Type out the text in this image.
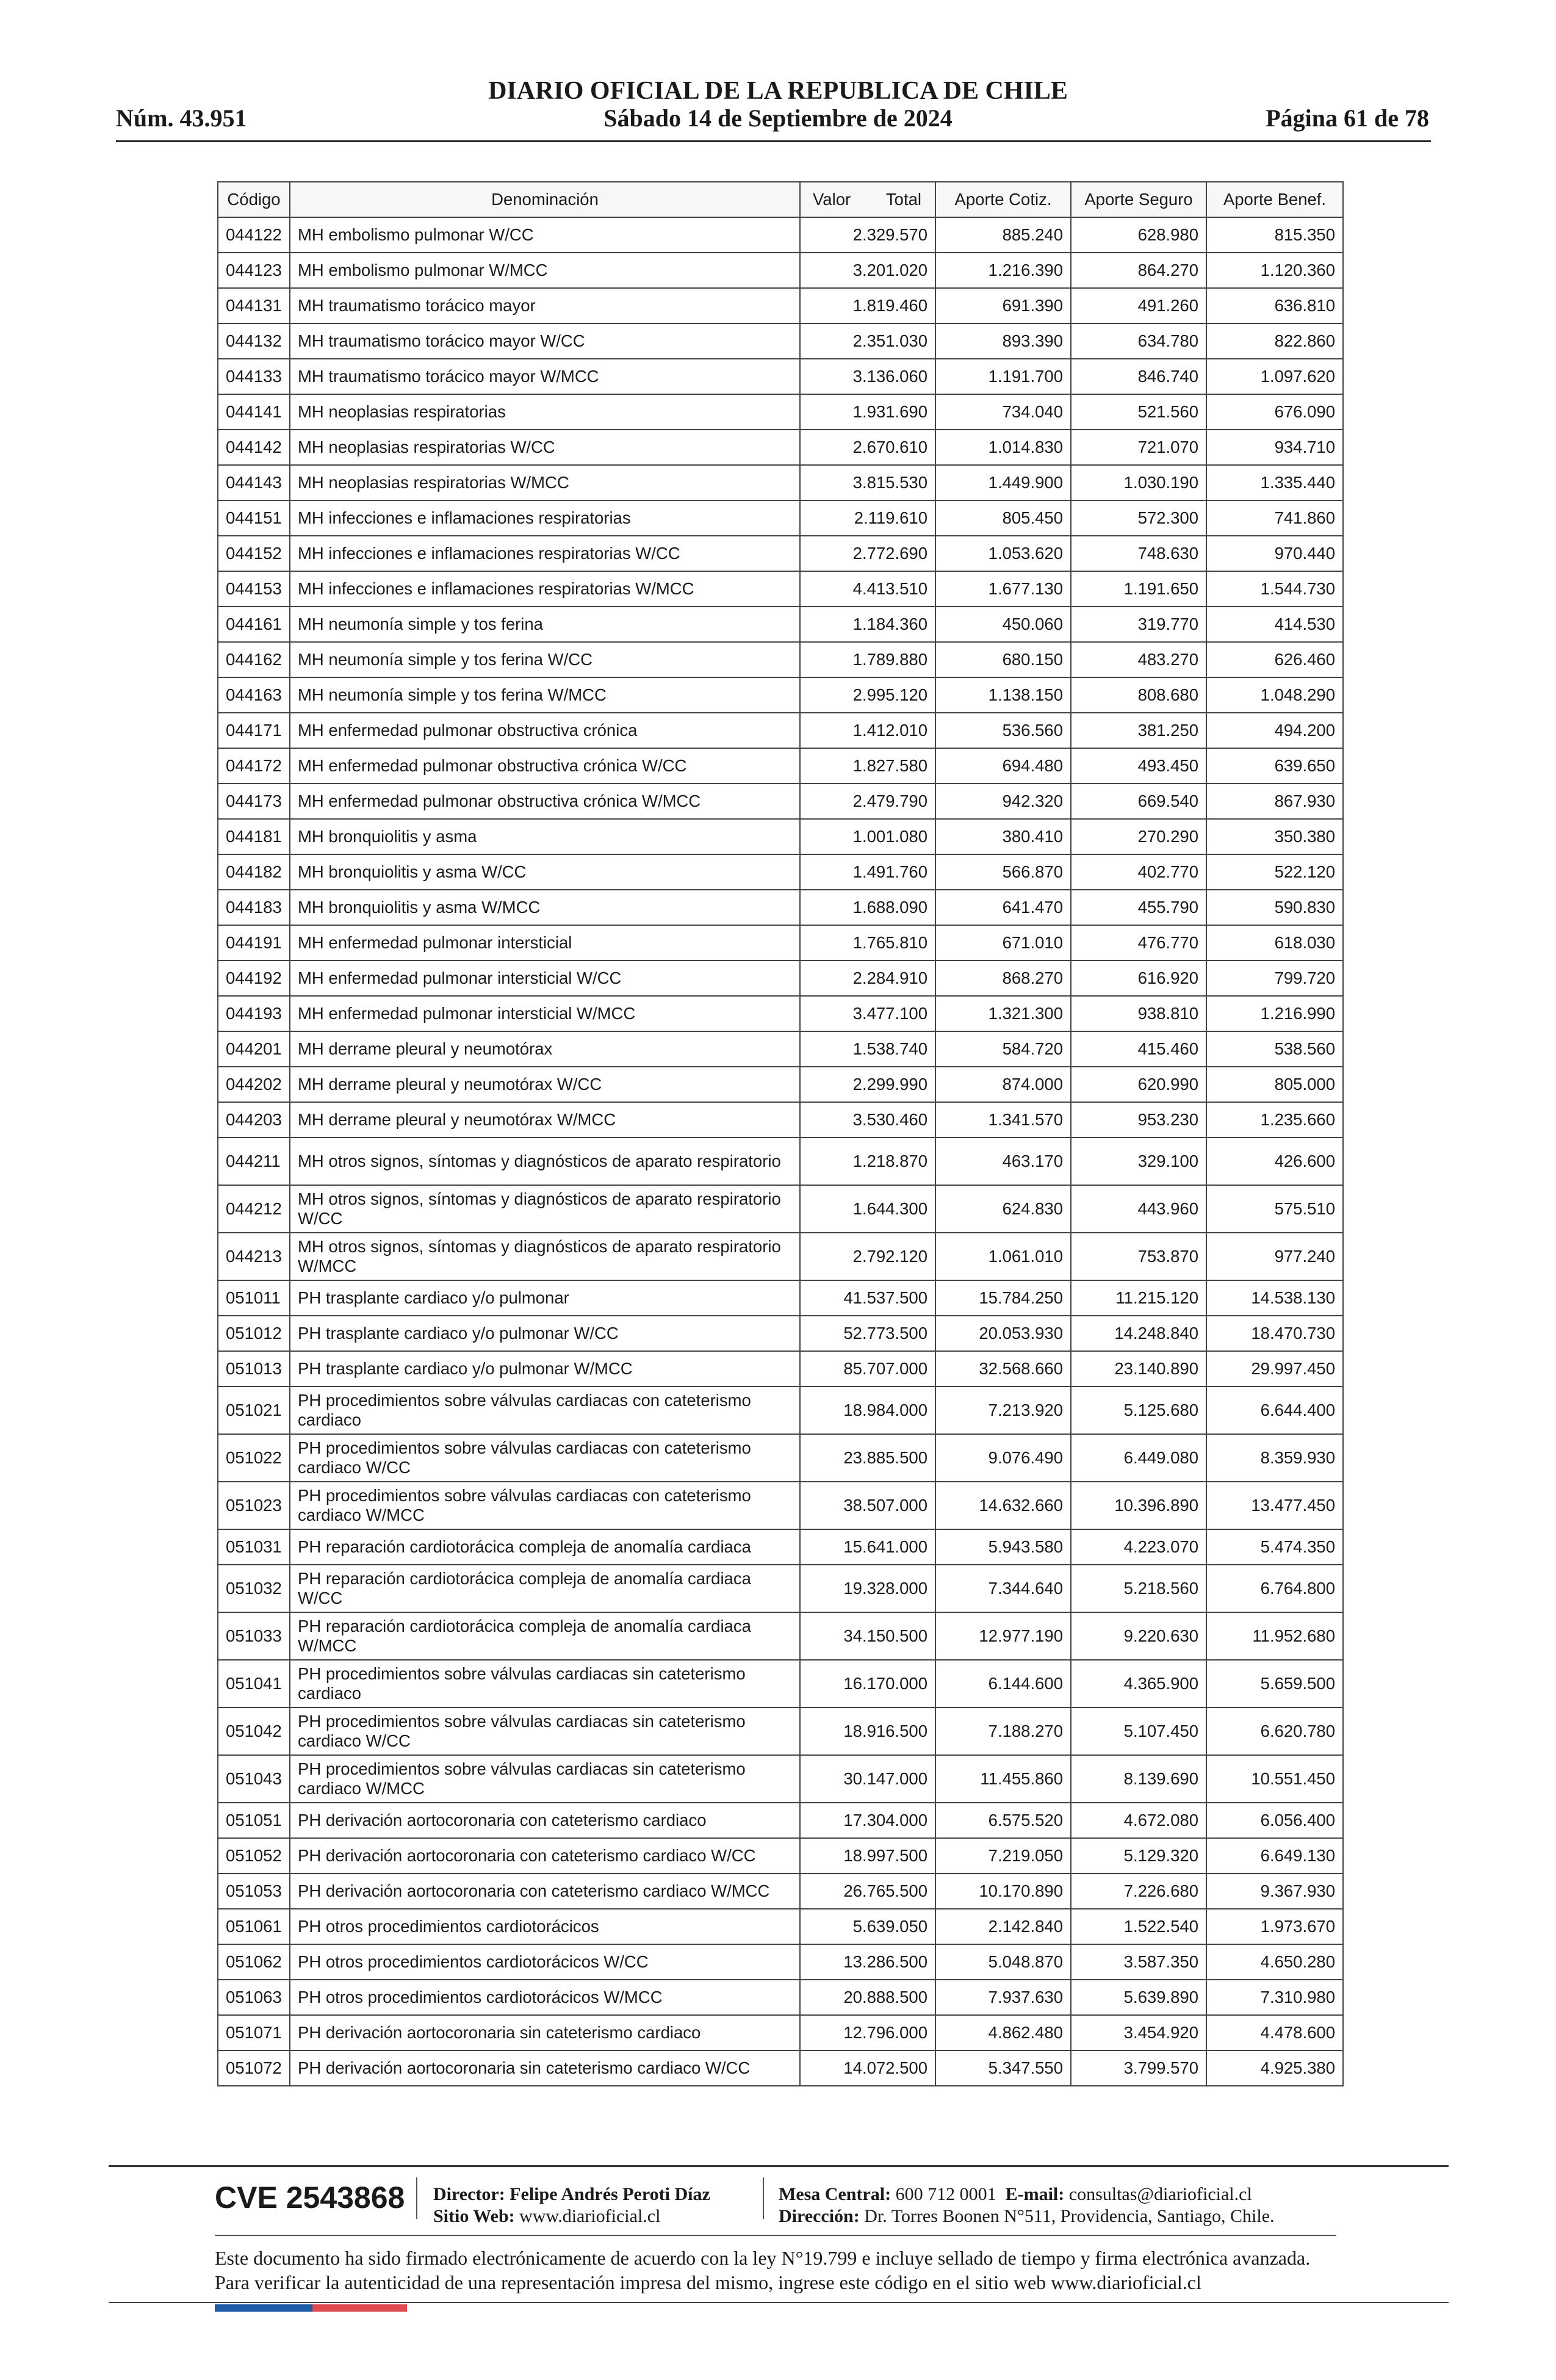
DIARIO OFICIAL DE LA REPUBLICA DE CHILE
Núm. 43.951	Sábado 14 de Septiembre de 2024	Página 61 de 78
Código	Denominación	Valor Total	Aporte Cotiz.	Aporte Seguro	Aporte Benef.
044122	MH embolismo pulmonar W/CC	2.329.570	885.240	628.980	815.350
044123	MH embolismo pulmonar W/MCC	3.201.020	1.216.390	864.270	1.120.360
044131	MH traumatismo torácico mayor	1.819.460	691.390	491.260	636.810
044132	MH traumatismo torácico mayor W/CC	2.351.030	893.390	634.780	822.860
044133	MH traumatismo torácico mayor W/MCC	3.136.060	1.191.700	846.740	1.097.620
044141	MH neoplasias respiratorias	1.931.690	734.040	521.560	676.090
044142	MH neoplasias respiratorias W/CC	2.670.610	1.014.830	721.070	934.710
044143	MH neoplasias respiratorias W/MCC	3.815.530	1.449.900	1.030.190	1.335.440
044151	MH infecciones e inflamaciones respiratorias	2.119.610	805.450	572.300	741.860
044152	MH infecciones e inflamaciones respiratorias W/CC	2.772.690	1.053.620	748.630	970.440
044153	MH infecciones e inflamaciones respiratorias W/MCC	4.413.510	1.677.130	1.191.650	1.544.730
044161	MH neumonía simple y tos ferina	1.184.360	450.060	319.770	414.530
044162	MH neumonía simple y tos ferina W/CC	1.789.880	680.150	483.270	626.460
044163	MH neumonía simple y tos ferina W/MCC	2.995.120	1.138.150	808.680	1.048.290
044171	MH enfermedad pulmonar obstructiva crónica	1.412.010	536.560	381.250	494.200
044172	MH enfermedad pulmonar obstructiva crónica W/CC	1.827.580	694.480	493.450	639.650
044173	MH enfermedad pulmonar obstructiva crónica W/MCC	2.479.790	942.320	669.540	867.930
044181	MH bronquiolitis y asma	1.001.080	380.410	270.290	350.380
044182	MH bronquiolitis y asma W/CC	1.491.760	566.870	402.770	522.120
044183	MH bronquiolitis y asma W/MCC	1.688.090	641.470	455.790	590.830
044191	MH enfermedad pulmonar intersticial	1.765.810	671.010	476.770	618.030
044192	MH enfermedad pulmonar intersticial W/CC	2.284.910	868.270	616.920	799.720
044193	MH enfermedad pulmonar intersticial W/MCC	3.477.100	1.321.300	938.810	1.216.990
044201	MH derrame pleural y neumotórax	1.538.740	584.720	415.460	538.560
044202	MH derrame pleural y neumotórax W/CC	2.299.990	874.000	620.990	805.000
044203	MH derrame pleural y neumotórax W/MCC	3.530.460	1.341.570	953.230	1.235.660
044211	MH otros signos, síntomas y diagnósticos de aparato respiratorio	1.218.870	463.170	329.100	426.600
044212	MH otros signos, síntomas y diagnósticos de aparato respiratorio W/CC	1.644.300	624.830	443.960	575.510
044213	MH otros signos, síntomas y diagnósticos de aparato respiratorio W/MCC	2.792.120	1.061.010	753.870	977.240
051011	PH trasplante cardiaco y/o pulmonar	41.537.500	15.784.250	11.215.120	14.538.130
051012	PH trasplante cardiaco y/o pulmonar W/CC	52.773.500	20.053.930	14.248.840	18.470.730
051013	PH trasplante cardiaco y/o pulmonar W/MCC	85.707.000	32.568.660	23.140.890	29.997.450
051021	PH procedimientos sobre válvulas cardiacas con cateterismo cardiaco	18.984.000	7.213.920	5.125.680	6.644.400
051022	PH procedimientos sobre válvulas cardiacas con cateterismo cardiaco W/CC	23.885.500	9.076.490	6.449.080	8.359.930
051023	PH procedimientos sobre válvulas cardiacas con cateterismo cardiaco W/MCC	38.507.000	14.632.660	10.396.890	13.477.450
051031	PH reparación cardiotorácica compleja de anomalía cardiaca	15.641.000	5.943.580	4.223.070	5.474.350
051032	PH reparación cardiotorácica compleja de anomalía cardiaca W/CC	19.328.000	7.344.640	5.218.560	6.764.800
051033	PH reparación cardiotorácica compleja de anomalía cardiaca W/MCC	34.150.500	12.977.190	9.220.630	11.952.680
051041	PH procedimientos sobre válvulas cardiacas sin cateterismo cardiaco	16.170.000	6.144.600	4.365.900	5.659.500
051042	PH procedimientos sobre válvulas cardiacas sin cateterismo cardiaco W/CC	18.916.500	7.188.270	5.107.450	6.620.780
051043	PH procedimientos sobre válvulas cardiacas sin cateterismo cardiaco W/MCC	30.147.000	11.455.860	8.139.690	10.551.450
051051	PH derivación aortocoronaria con cateterismo cardiaco	17.304.000	6.575.520	4.672.080	6.056.400
051052	PH derivación aortocoronaria con cateterismo cardiaco W/CC	18.997.500	7.219.050	5.129.320	6.649.130
051053	PH derivación aortocoronaria con cateterismo cardiaco W/MCC	26.765.500	10.170.890	7.226.680	9.367.930
051061	PH otros procedimientos cardiotorácicos	5.639.050	2.142.840	1.522.540	1.973.670
051062	PH otros procedimientos cardiotorácicos W/CC	13.286.500	5.048.870	3.587.350	4.650.280
051063	PH otros procedimientos cardiotorácicos W/MCC	20.888.500	7.937.630	5.639.890	7.310.980
051071	PH derivación aortocoronaria sin cateterismo cardiaco	12.796.000	4.862.480	3.454.920	4.478.600
051072	PH derivación aortocoronaria sin cateterismo cardiaco W/CC	14.072.500	5.347.550	3.799.570	4.925.380
CVE 2543868 Director: Felipe Andrés Peroti Díaz
Sitio Web: www.diarioficial.cl
Mesa Central: 600 712 0001 E-mail: consultas@diarioficial.cl
Dirección: Dr. Torres Boonen N°511, Providencia, Santiago, Chile.
Este documento ha sido firmado electrónicamente de acuerdo con la ley N°19.799 e incluye sellado de tiempo y firma electrónica avanzada. Para verificar la autenticidad de una representación impresa del mismo, ingrese este código en el sitio web www.diarioficial.cl
